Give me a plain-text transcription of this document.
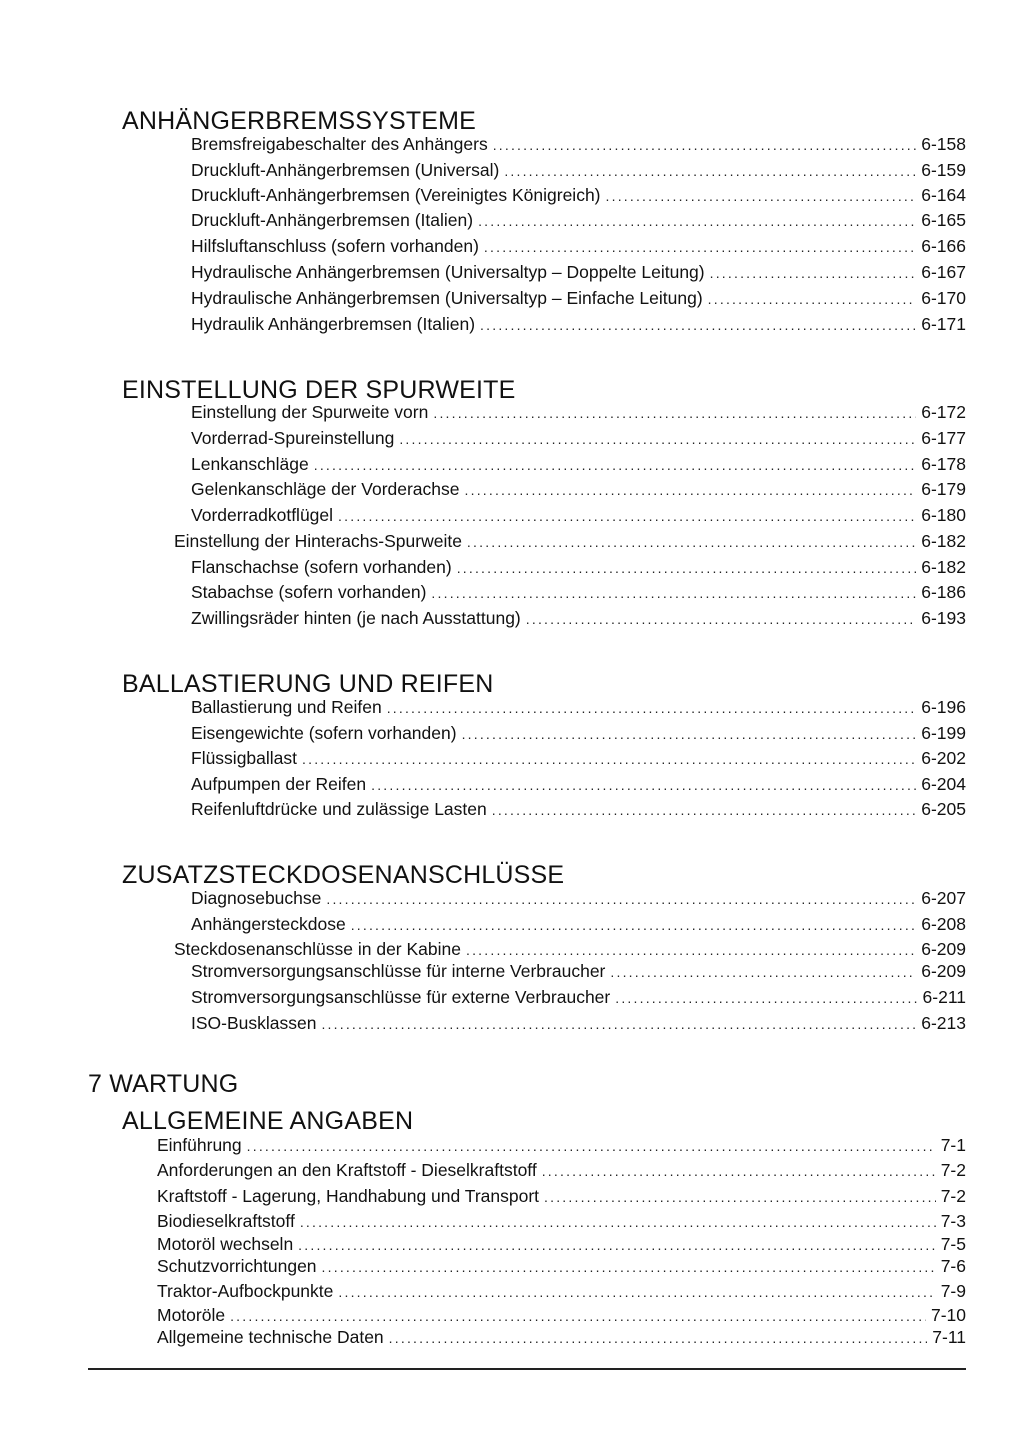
ANHÄNGERBREMSSYSTEME
Bremsfreigabeschalter des Anhängers .....	6-158
Druckluft-Anhängerbremsen (Universal) .....	6-159
Druckluft-Anhängerbremsen (Vereinigtes Königreich) .....	6-164
Druckluft-Anhängerbremsen (Italien) .....	6-165
Hilfsluftanschluss (sofern vorhanden) .....	6-166
Hydraulische Anhängerbremsen (Universaltyp – Doppelte Leitung) .....	6-167
Hydraulische Anhängerbremsen (Universaltyp – Einfache Leitung) .....	6-170
Hydraulik Anhängerbremsen (Italien) .....	6-171
EINSTELLUNG DER SPURWEITE
Einstellung der Spurweite vorn .....	6-172
Vorderrad-Spureinstellung .....	6-177
Lenkanschläge .....	6-178
Gelenkanschläge der Vorderachse .....	6-179
Vorderradkotflügel .....	6-180
Einstellung der Hinterachs-Spurweite .....	6-182
Flanschachse (sofern vorhanden) .....	6-182
Stabachse (sofern vorhanden) .....	6-186
Zwillingsräder hinten (je nach Ausstattung) .....	6-193
BALLASTIERUNG UND REIFEN
Ballastierung und Reifen .....	6-196
Eisengewichte (sofern vorhanden) .....	6-199
Flüssigballast .....	6-202
Aufpumpen der Reifen .....	6-204
Reifenluftdrücke und zulässige Lasten .....	6-205
ZUSATZSTECKDOSENANSCHLÜSSE
Diagnosebuchse .....	6-207
Anhängersteckdose .....	6-208
Steckdosenanschlüsse in der Kabine .....	6-209
Stromversorgungsanschlüsse für interne Verbraucher .....	6-209
Stromversorgungsanschlüsse für externe Verbraucher .....	6-211
ISO-Busklassen .....	6-213
7 WARTUNG
ALLGEMEINE ANGABEN
Einführung .....	7-1
Anforderungen an den Kraftstoff - Dieselkraftstoff .....	7-2
Kraftstoff - Lagerung, Handhabung und Transport .....	7-2
Biodieselkraftstoff .....	7-3
Motoröl wechseln .....	7-5
Schutzvorrichtungen .....	7-6
Traktor-Aufbockpunkte .....	7-9
Motoröle .....	7-10
Allgemeine technische Daten .....	7-11
